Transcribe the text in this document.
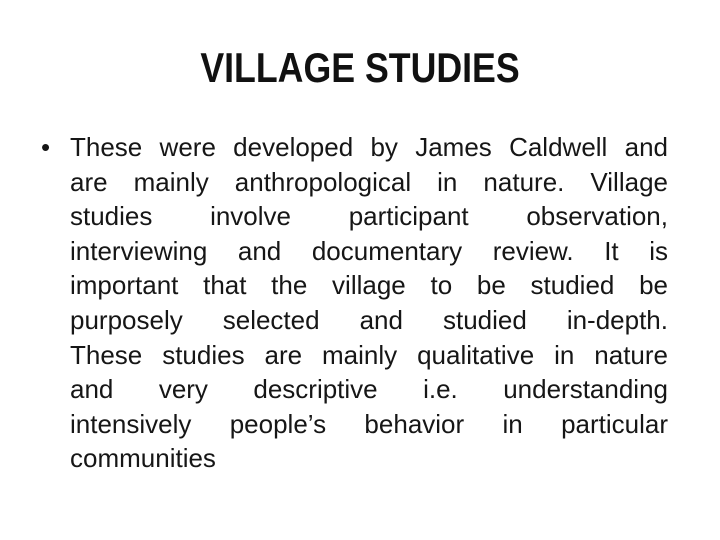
VILLAGE STUDIES
• These were developed by James Caldwell and
are mainly anthropological in nature. Village
studies involve participant observation,
interviewing and documentary review. It is
important that the village to be studied be
purposely selected and studied in-depth.
These studies are mainly qualitative in nature
and very descriptive i.e. understanding
intensively people’s behavior in particular
communities
